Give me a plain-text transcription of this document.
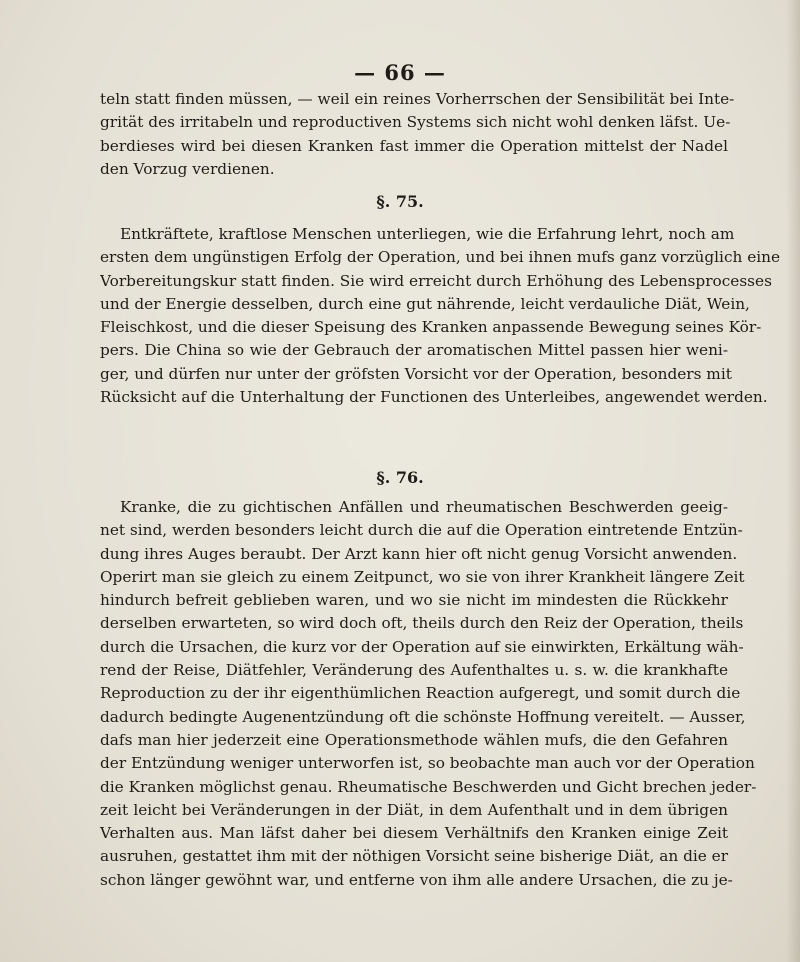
— 66 —
teln statt finden müssen, — weil ein reines Vorherrschen der Sensibilität bei Inte-
grität des irritabeln und reproductiven Systems sich nicht wohl denken läfst. Ue-
berdieses wird bei diesen Kranken fast immer die Operation mittelst der Nadel
den Vorzug verdienen.
§. 75.
Entkräftete, kraftlose Menschen unterliegen, wie die Erfahrung lehrt, noch am
ersten dem ungünstigen Erfolg der Operation, und bei ihnen mufs ganz vorzüglich eine
Vorbereitungskur statt finden. Sie wird erreicht durch Erhöhung des Lebensprocesses
und der Energie desselben, durch eine gut nährende, leicht verdauliche Diät, Wein,
Fleischkost, und die dieser Speisung des Kranken anpassende Bewegung seines Kör-
pers. Die China so wie der Gebrauch der aromatischen Mittel passen hier weni-
ger, und dürfen nur unter der gröfsten Vorsicht vor der Operation, besonders mit
Rücksicht auf die Unterhaltung der Functionen des Unterleibes, angewendet werden.
§. 76.
Kranke, die zu gichtischen Anfällen und rheumatischen Beschwerden geeig-
net sind, werden besonders leicht durch die auf die Operation eintretende Entzün-
dung ihres Auges beraubt. Der Arzt kann hier oft nicht genug Vorsicht anwenden.
Operirt man sie gleich zu einem Zeitpunct, wo sie von ihrer Krankheit längere Zeit
hindurch befreit geblieben waren, und wo sie nicht im mindesten die Rückkehr
derselben erwarteten, so wird doch oft, theils durch den Reiz der Operation, theils
durch die Ursachen, die kurz vor der Operation auf sie einwirkten, Erkältung wäh-
rend der Reise, Diätfehler, Veränderung des Aufenthaltes u. s. w. die krankhafte
Reproduction zu der ihr eigenthümlichen Reaction aufgeregt, und somit durch die
dadurch bedingte Augenentzündung oft die schönste Hoffnung vereitelt. — Ausser,
dafs man hier jederzeit eine Operationsmethode wählen mufs, die den Gefahren
der Entzündung weniger unterworfen ist, so beobachte man auch vor der Operation
die Kranken möglichst genau. Rheumatische Beschwerden und Gicht brechen jeder-
zeit leicht bei Veränderungen in der Diät, in dem Aufenthalt und in dem übrigen
Verhalten aus. Man läfst daher bei diesem Verhältnifs den Kranken einige Zeit
ausruhen, gestattet ihm mit der nöthigen Vorsicht seine bisherige Diät, an die er
schon länger gewöhnt war, und entferne von ihm alle andere Ursachen, die zu je-
